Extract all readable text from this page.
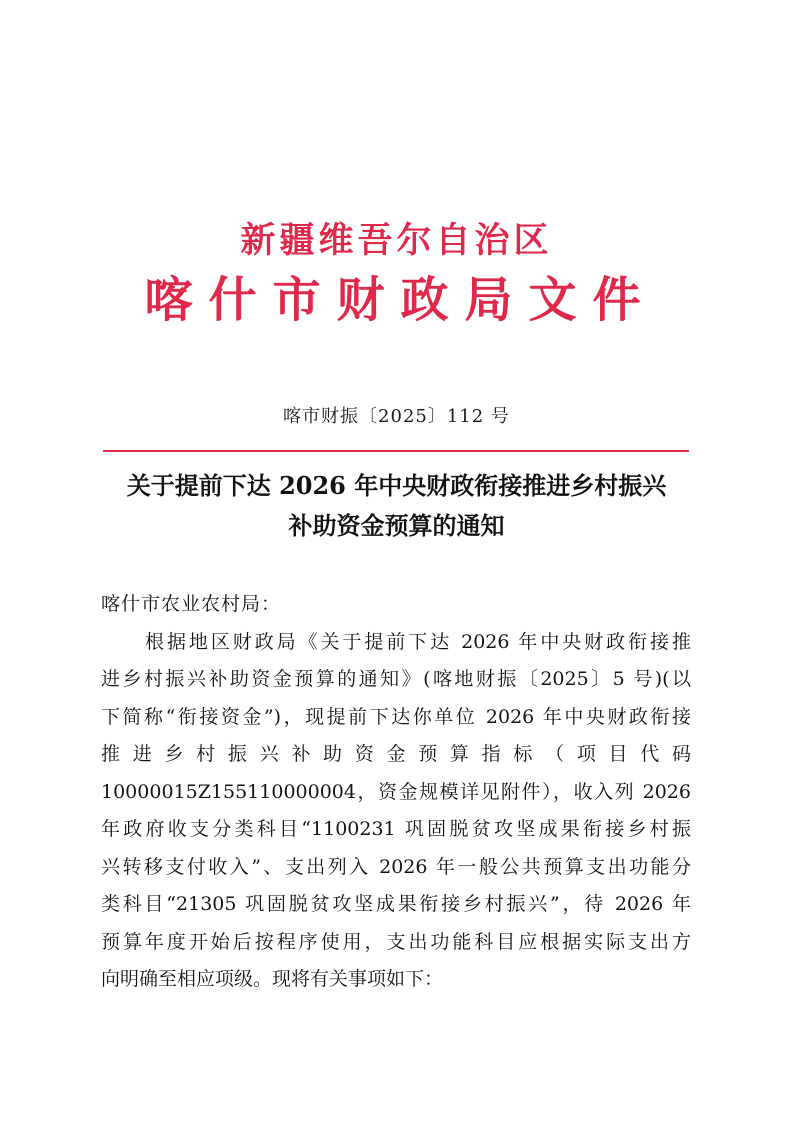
新疆维吾尔自治区
喀什市财政局文件
喀市财振〔2025〕112 号
关于提前下达 2026 年中央财政衔接推进乡村振兴
补助资金预算的通知
喀什市农业农村局：
根据地区财政局《关于提前下达 2026 年中央财政衔接推
进乡村振兴补助资金预算的通知》(喀地财振〔2025〕5 号)(以
下简称“衔接资金”)，现提前下达你单位 2026 年中央财政衔接
推进乡村振兴补助资金预算指标（项目代码
10000015Z155110000004，资金规模详见附件），收入列 2026
年政府收支分类科目“1100231 巩固脱贫攻坚成果衔接乡村振
兴转移支付收入”、支出列入 2026 年一般公共预算支出功能分
类科目“21305 巩固脱贫攻坚成果衔接乡村振兴”，待 2026 年
预算年度开始后按程序使用，支出功能科目应根据实际支出方
向明确至相应项级。现将有关事项如下：
